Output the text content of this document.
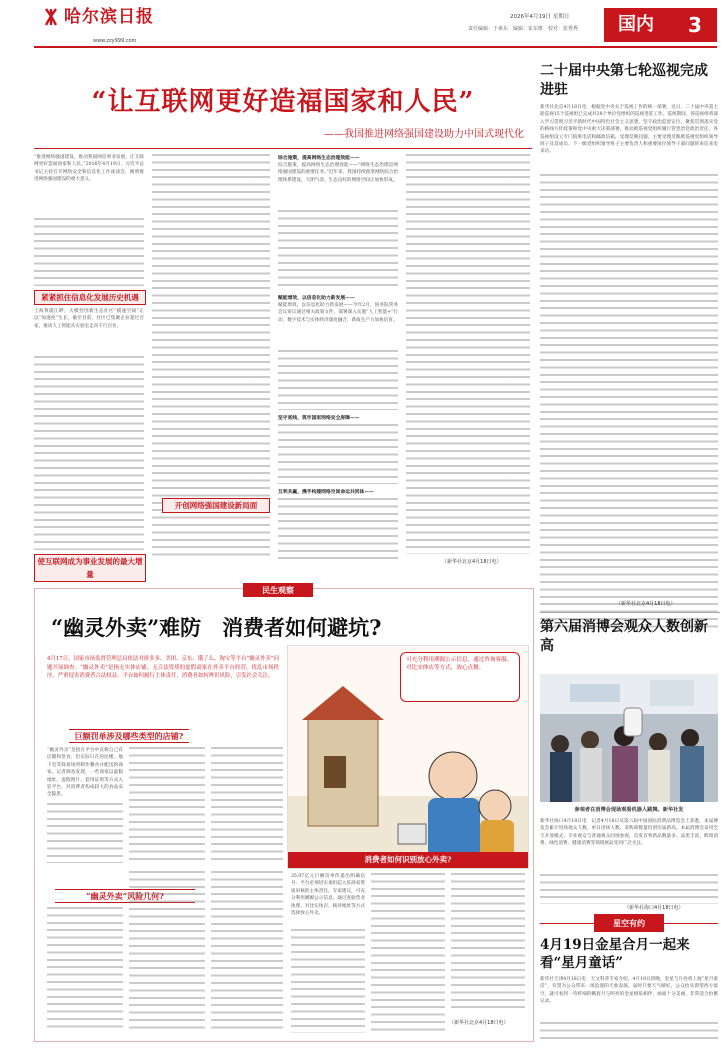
哈尔滨日报
www.zzy999.com
2026年4月19日 星期日
责任编辑：于素东　编辑：崔东维　校对：张秀秀 国内 3
“让互联网更好造福国家和人民”
——我国推进网络强国建设助力中国式现代化
“推进网络强国建设，推动我国网信事业发展，让互联网更好造福国家和人民。”2016年4月19日，习近平总书记主持召开网络安全和信息化工作座谈会，阐明推进网络强国建设的重大意义。
紧紧抓住信息化发展历史机遇
上海黄浦江畔，大模型创新生态社区“模速空间”正以“加速度”生长。截至目前，社区已集聚企业超过百家，推动人工智能从实验室走向千行百业。
使互联网成为事业发展的最大增量
开创网络强国建设新局面
综合施策，提高网络生态治理效能——
综合施策，提高网络生态治理效能——“网络生态治理是网络强国建设的重要任务。”近年来，我国持续推进网络综合治理体系建设，天朗气清、生态良好的网络空间正加快形成。
赋能增效，以信息化助力新发展——
赋能增效，以信息化助力新发展——今年2月，国务院常务会议审议通过相关政策文件，部署深入实施“人工智能+”行动，数字技术与实体经济深度融合，新质生产力加快培育。
坚守底线，筑牢国家网络安全屏障——
互利共赢，携手构建网络空间命运共同体——
（新华社北京4月18日电）
民生观察
“幽灵外卖”难防　消费者如何避坑?
4月17日，国家市场监督管理总局依法对拼多多、美团、京东、饿了么、淘宝等平台“幽灵外卖”问题开展调查。“幽灵外卖”是指无实体店铺、无合法资质的虚假商家在外卖平台经营，扰乱市场秩序，严重侵害消费者合法权益。平台如何履行主体责任，消费者如何辨识风险，引发社会关注。
可充分利用溯源公示信息，通过咨询客服、对比实体店等方式，放心点餐。
消费者如何识别放心外卖?
巨额罚单涉及哪些类型的店铺?
“幽灵外卖”是指在平台中宣称自己有店铺和堂食，但实际只在居民楼、地下室等简易场所制作餐食并配送的商家。记者调查发现，一些商家以虚假地址、虚假图片、套用证照等方式入驻平台，对消费者构成较大的食品安全隐患。
“幽灵外卖”风险几何?
35.97亿元巨额罚单传递出明确信号：平台必须切实承担起入驻商家资质审核的主体责任。专家建议，可充分利用溯源公示信息，通过查验营业执照、对比实体店、核对地址等方式选择放心外卖。
（新华社北京4月18日电）
二十届中央第七轮巡视完成进驻
新华社北京4月18日电　根据党中央关于巡视工作的统一部署，近日，二十届中央第七轮巡视15个巡视组已完成对38个单位党组织的巡视进驻工作。巡视期间，各巡视组将深入学习贯彻习近平新时代中国特色社会主义思想，坚守政治监督定位，聚焦贯彻落实党的路线方针政策和党中央重大决策部署，推动被巡视党组织履行管党治党政治责任。各巡视组设立专门值班电话和邮政信箱，受理反映问题，主要受理反映被巡视党组织领导班子及其成员、下一级党组织领导班子主要负责人和重要岗位领导干部问题的来信来电来访。
（新华社北京4月18日电）
第六届消博会观众人数创新高
参观者在消博会现场观看机器人跳舞。新华社发
新华社海口4月18日电　记者4月18日从第六届中国国际消费品博览会上获悉，本届博览会累计进场观众人数、单日进场人数、采购商数量均创历届新高。本届消博会采用全天开放模式，专业观众与普通观众同场参观，首发首秀新品数量多、品类丰富，跨境消费、绿色消费、健康消费等领域展品受到广泛关注。
（新华社海口4月18日电）
星空有约
4月19日金星合月一起来看“星月童话”
新华社天津4月18日电　天文科普专家介绍，4月19日傍晚，金星与月亮将上演“星月童话”，有望为公众带来一场浪漫的天象表演。届时只要天气晴好，公众抬头仰望西方低空，就可看到一弯纤细的蛾眉月与明亮的金星相依相伴，画面十分美丽，非常适合拍摄记录。
